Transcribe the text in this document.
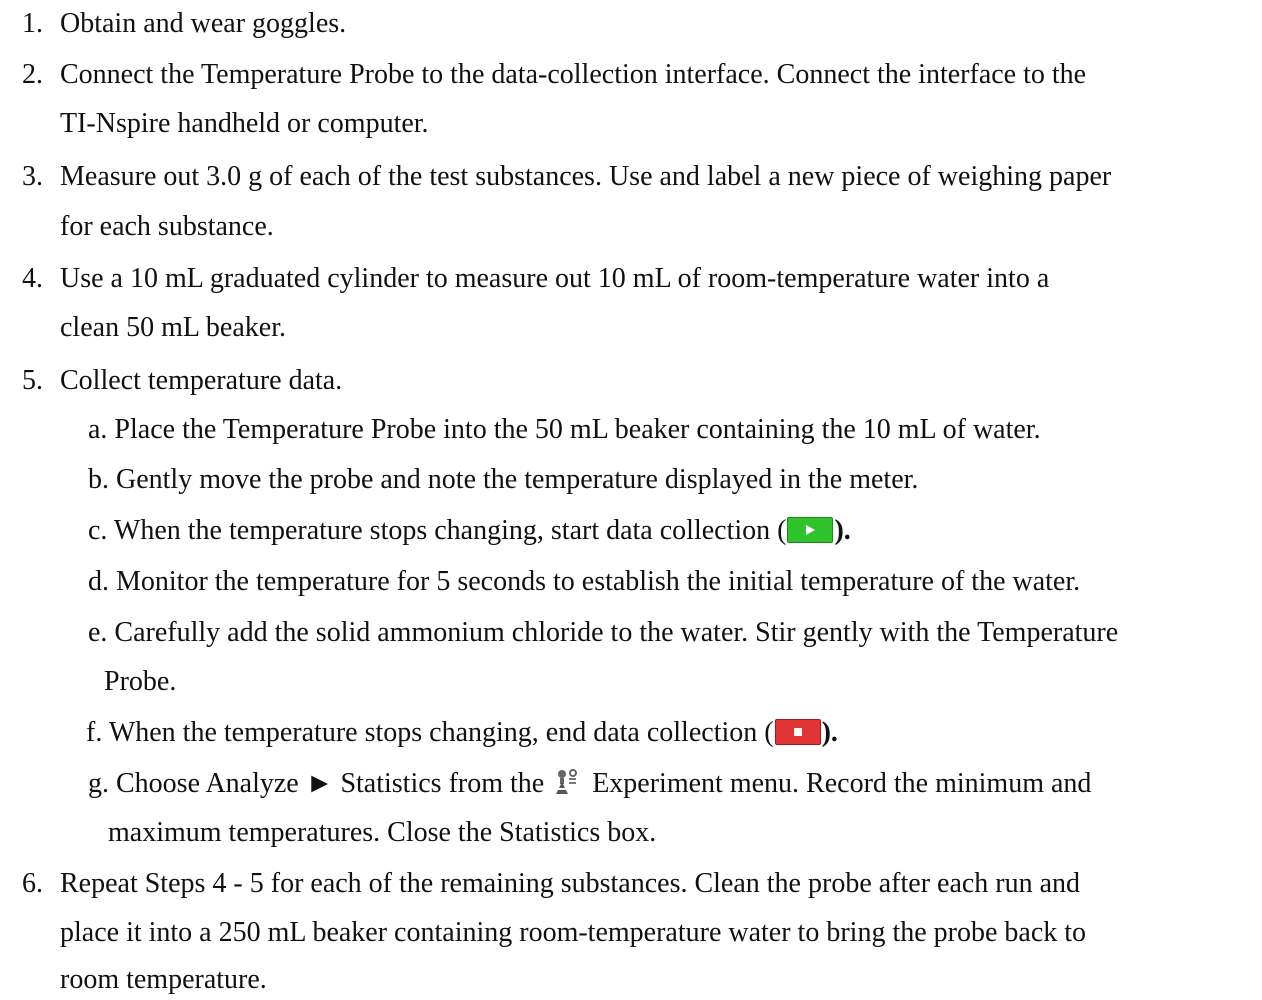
1. Obtain and wear goggles.
2. Connect the Temperature Probe to the data-collection interface. Connect the interface to the
TI-Nspire handheld or computer.
3. Measure out 3.0 g of each of the test substances. Use and label a new piece of weighing paper
for each substance.
4. Use a 10 mL graduated cylinder to measure out 10 mL of room-temperature water into a
clean 50 mL beaker.
5. Collect temperature data.
a. Place the Temperature Probe into the 50 mL beaker containing the 10 mL of water.
b. Gently move the probe and note the temperature displayed in the meter.
c. When the temperature stops changing, start data collection ( ).
d. Monitor the temperature for 5 seconds to establish the initial temperature of the water.
e. Carefully add the solid ammonium chloride to the water. Stir gently with the Temperature
Probe.
f. When the temperature stops changing, end data collection ( ).
g. Choose Analyze ► Statistics from the Experiment menu. Record the minimum and
maximum temperatures. Close the Statistics box.
6. Repeat Steps 4 - 5 for each of the remaining substances. Clean the probe after each run and
place it into a 250 mL beaker containing room-temperature water to bring the probe back to
room temperature.
